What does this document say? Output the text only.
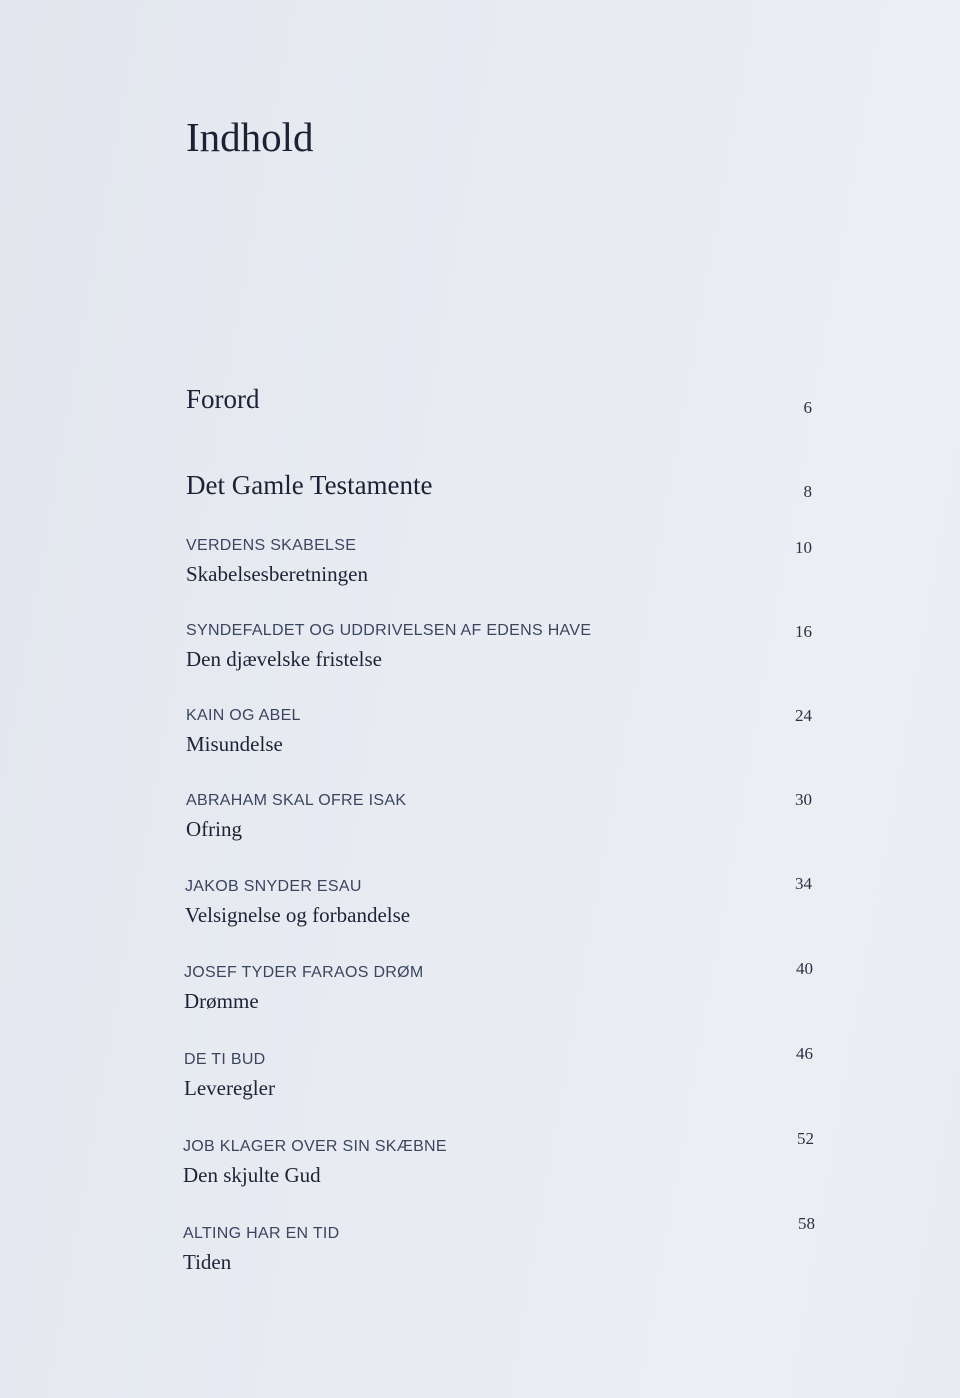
Indhold
Forord	6
Det Gamle Testamente	8
VERDENS SKABELSE
Skabelsesberetningen
10
SYNDEFALDET OG UDDRIVELSEN AF EDENS HAVE
Den djævelske fristelse
16
KAIN OG ABEL
Misundelse
24
ABRAHAM SKAL OFRE ISAK
Ofring
30
JAKOB SNYDER ESAU
Velsignelse og forbandelse
34
JOSEF TYDER FARAOS DRØM
Drømme
40
DE TI BUD
Leveregler
46
JOB KLAGER OVER SIN SKÆBNE
Den skjulte Gud
52
ALTING HAR EN TID
Tiden
58
